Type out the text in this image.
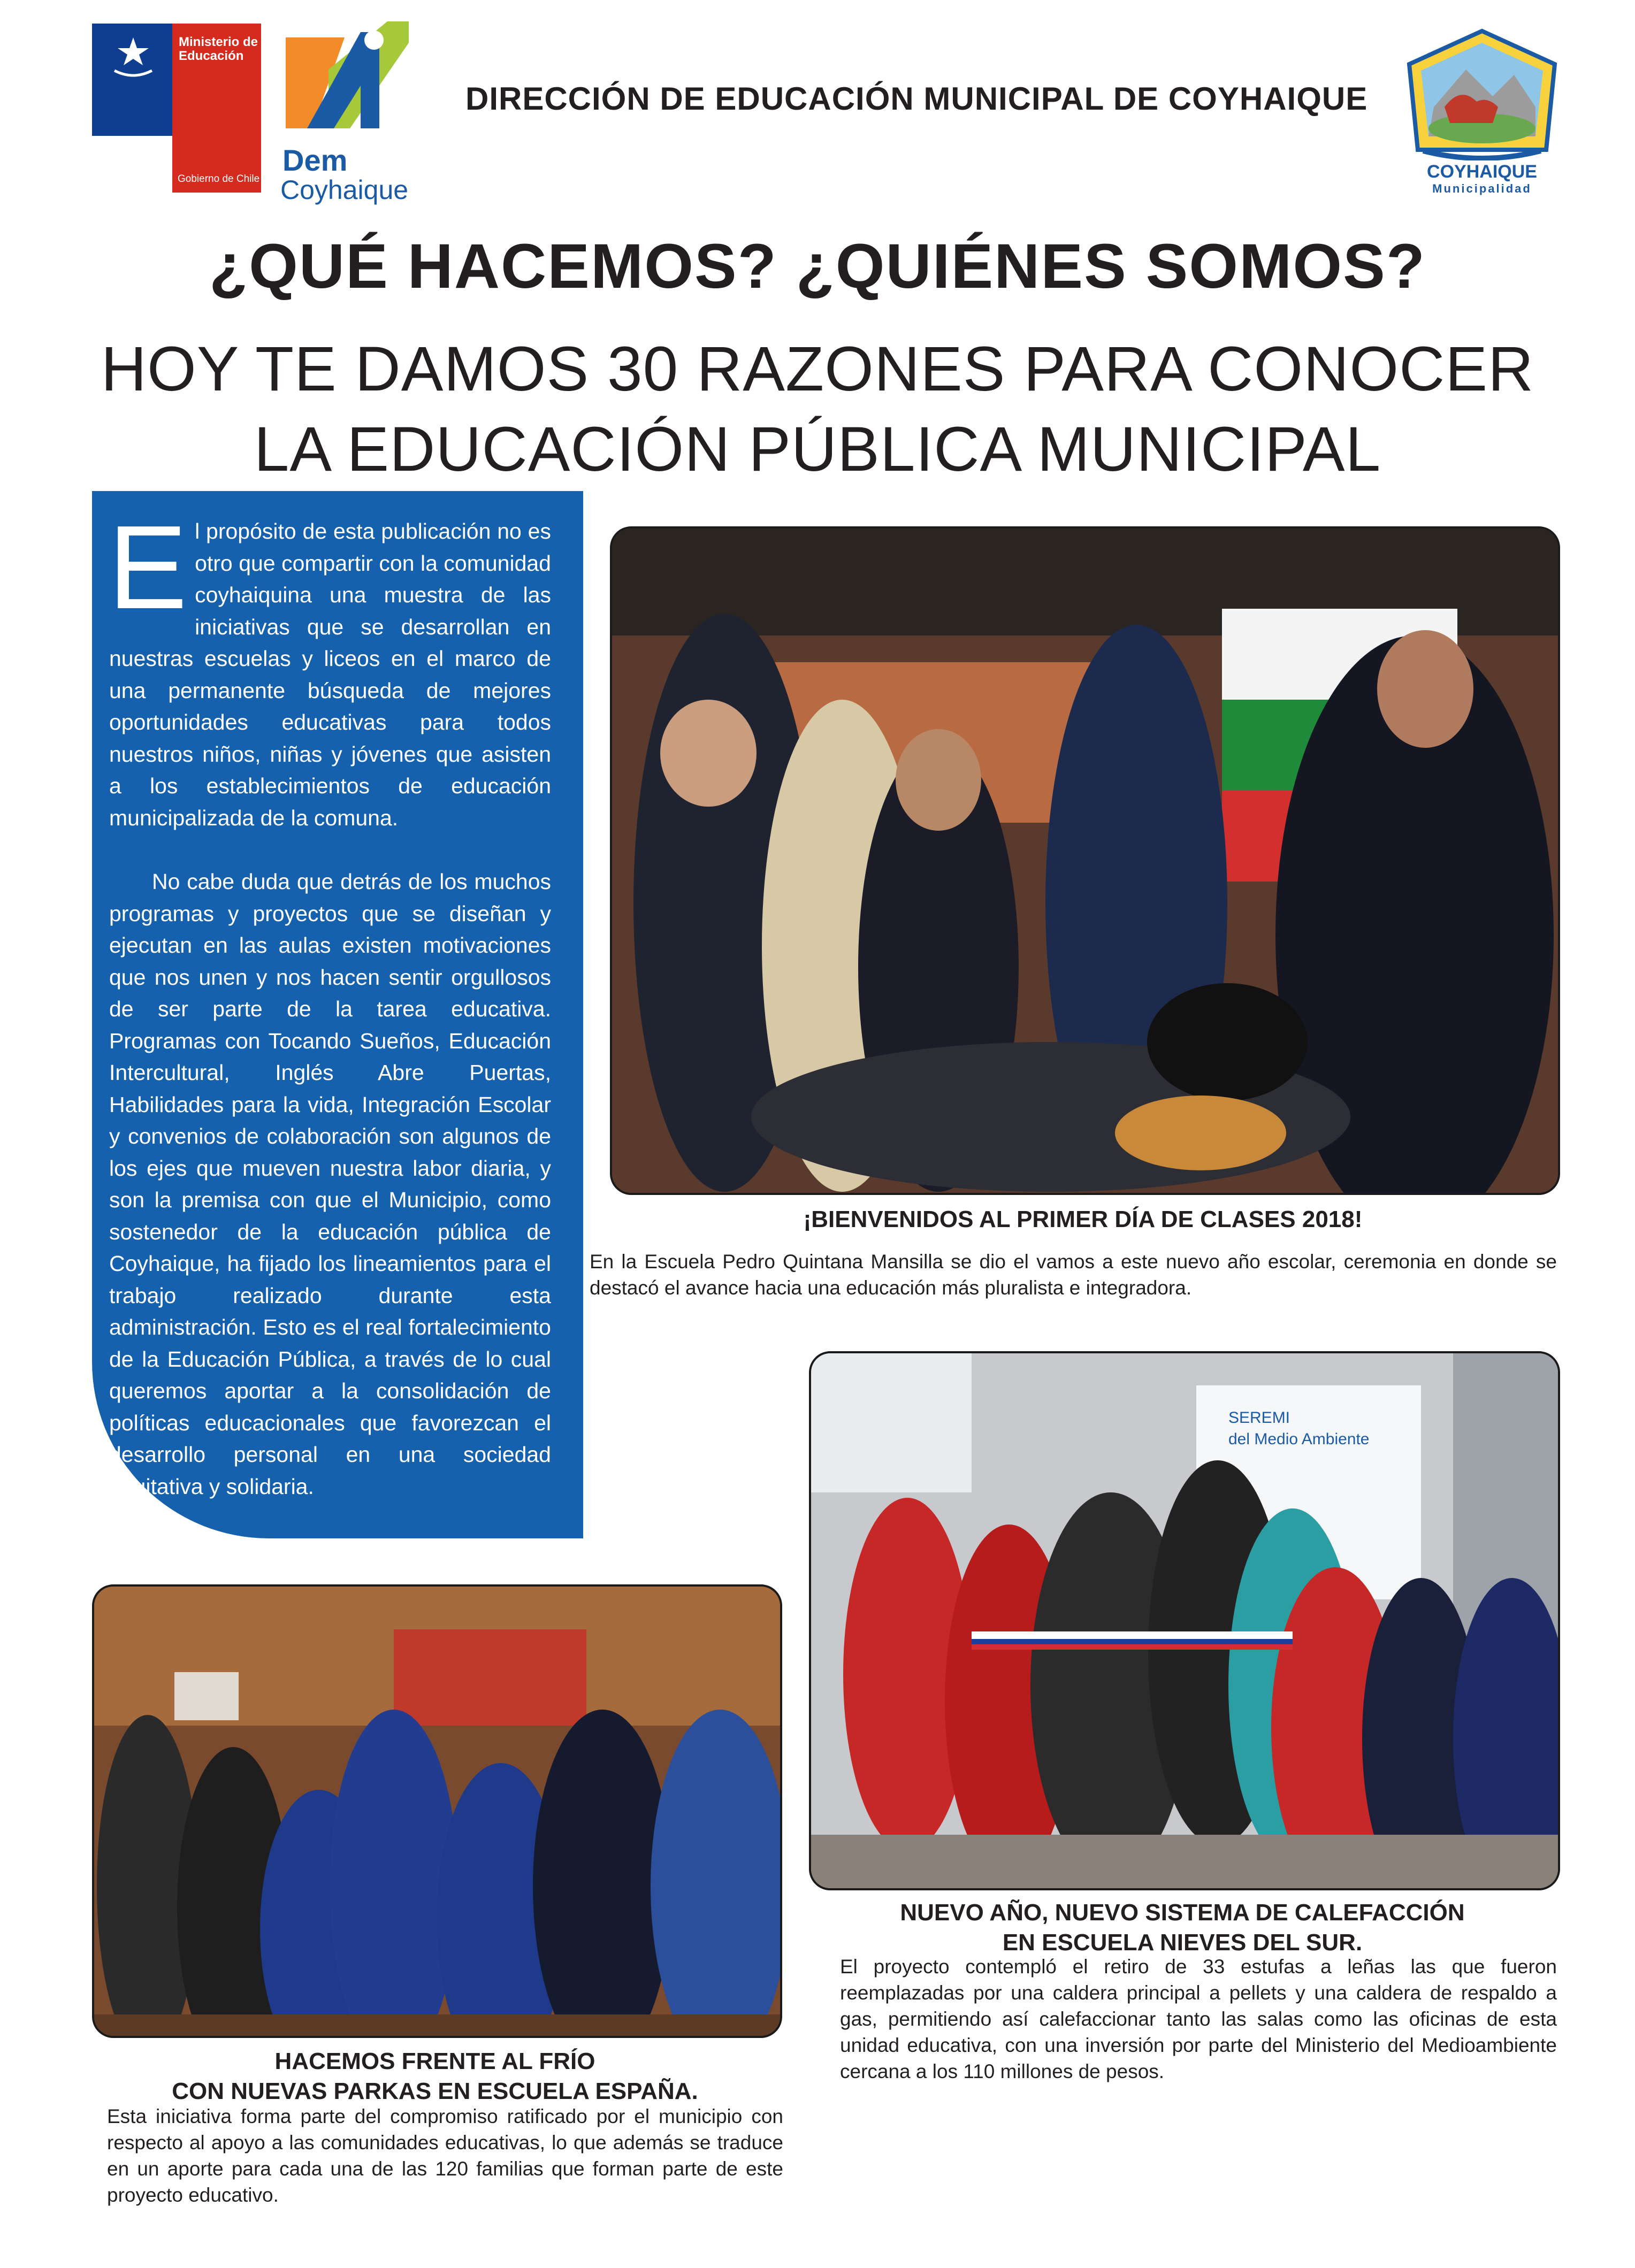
Ministerio de
Educación
Gobierno de Chile
Dem
Coyhaique
DIRECCIÓN DE EDUCACIÓN MUNICIPAL DE COYHAIQUE
COYHAIQUE
Municipalidad
¿QUÉ HACEMOS? ¿QUIÉNES SOMOS?
HOY TE DAMOS 30 RAZONES PARA CONOCER
LA EDUCACIÓN PÚBLICA MUNICIPAL

E l propósito de esta publicación no es otro que compartir con la comunidad coyhaiquina una muestra de las iniciativas que se desarrollan en nuestras escuelas y liceos en el marco de una permanente búsqueda de mejores oportunidades educativas para todos nuestros niños, niñas y jóvenes que asisten a los establecimientos de educación municipalizada de la comuna.

No cabe duda que detrás de los muchos programas y proyectos que se diseñan y ejecutan en las aulas existen motivaciones que nos unen y nos hacen sentir orgullosos de ser parte de la tarea educativa. Programas con Tocando Sueños, Educación Intercultural, Inglés Abre Puertas, Habilidades para la vida, Integración Escolar y convenios de colaboración son algunos de los ejes que mueven nuestra labor diaria, y son la premisa con que el Municipio, como sostenedor de la educación pública de Coyhaique, ha fijado los lineamientos para el trabajo realizado durante esta administración. Esto es el real fortalecimiento de la Educación Pública, a través de lo cual queremos aportar a la consolidación de políticas educacionales que favorezcan el desarrollo personal en una sociedad equitativa y solidaria.

¡BIENVENIDOS AL PRIMER DÍA DE CLASES 2018!
En la Escuela Pedro Quintana Mansilla se dio el vamos a este nuevo año escolar, ceremonia en donde se destacó el avance hacia una educación más pluralista e integradora.
SEREMI
del Medio Ambiente
NUEVO AÑO, NUEVO SISTEMA DE CALEFACCIÓN
EN ESCUELA NIEVES DEL SUR.
El proyecto contempló el retiro de 33 estufas a leñas las que fueron reemplazadas por una caldera principal a pellets y una caldera de respaldo a gas, permitiendo así calefaccionar tanto las salas como las oficinas de esta unidad educativa, con una inversión por parte del Ministerio del Medioambiente cercana a los 110 millones de pesos.
HACEMOS FRENTE AL FRÍO
CON NUEVAS PARKAS EN ESCUELA ESPAÑA.
Esta iniciativa forma parte del compromiso ratificado por el municipio con respecto al apoyo a las comunidades educativas, lo que además se traduce en un aporte para cada una de las 120 familias que forman parte de este proyecto educativo.
